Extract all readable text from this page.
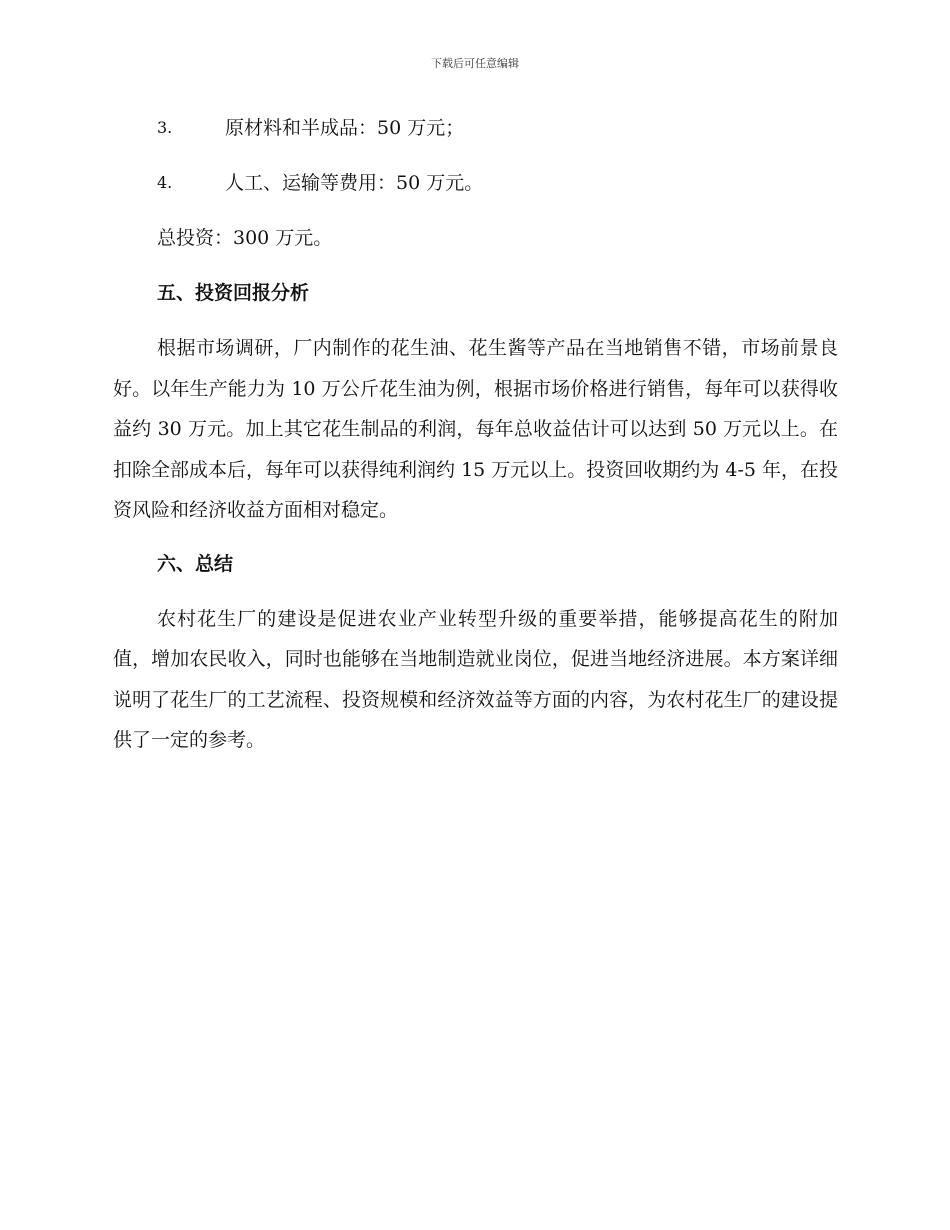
下载后可任意编辑
3.	原材料和半成品：50 万元；
4.	人工、运输等费用：50 万元。
总投资：300 万元。
五、投资回报分析

根据市场调研，厂内制作的花生油、花生酱等产品在当地销售不错，市场前景良好。以年生产能力为 10 万公斤花生油为例，根据市场价格进行销售，每年可以获得收益约 30 万元。加上其它花生制品的利润，每年总收益估计可以达到 50 万元以上。在扣除全部成本后，每年可以获得纯利润约 15 万元以上。投资回收期约为 4-5 年，在投资风险和经济收益方面相对稳定。

六、总结

农村花生厂的建设是促进农业产业转型升级的重要举措，能够提高花生的附加值，增加农民收入，同时也能够在当地制造就业岗位，促进当地经济进展。本方案详细说明了花生厂的工艺流程、投资规模和经济效益等方面的内容，为农村花生厂的建设提供了一定的参考。
